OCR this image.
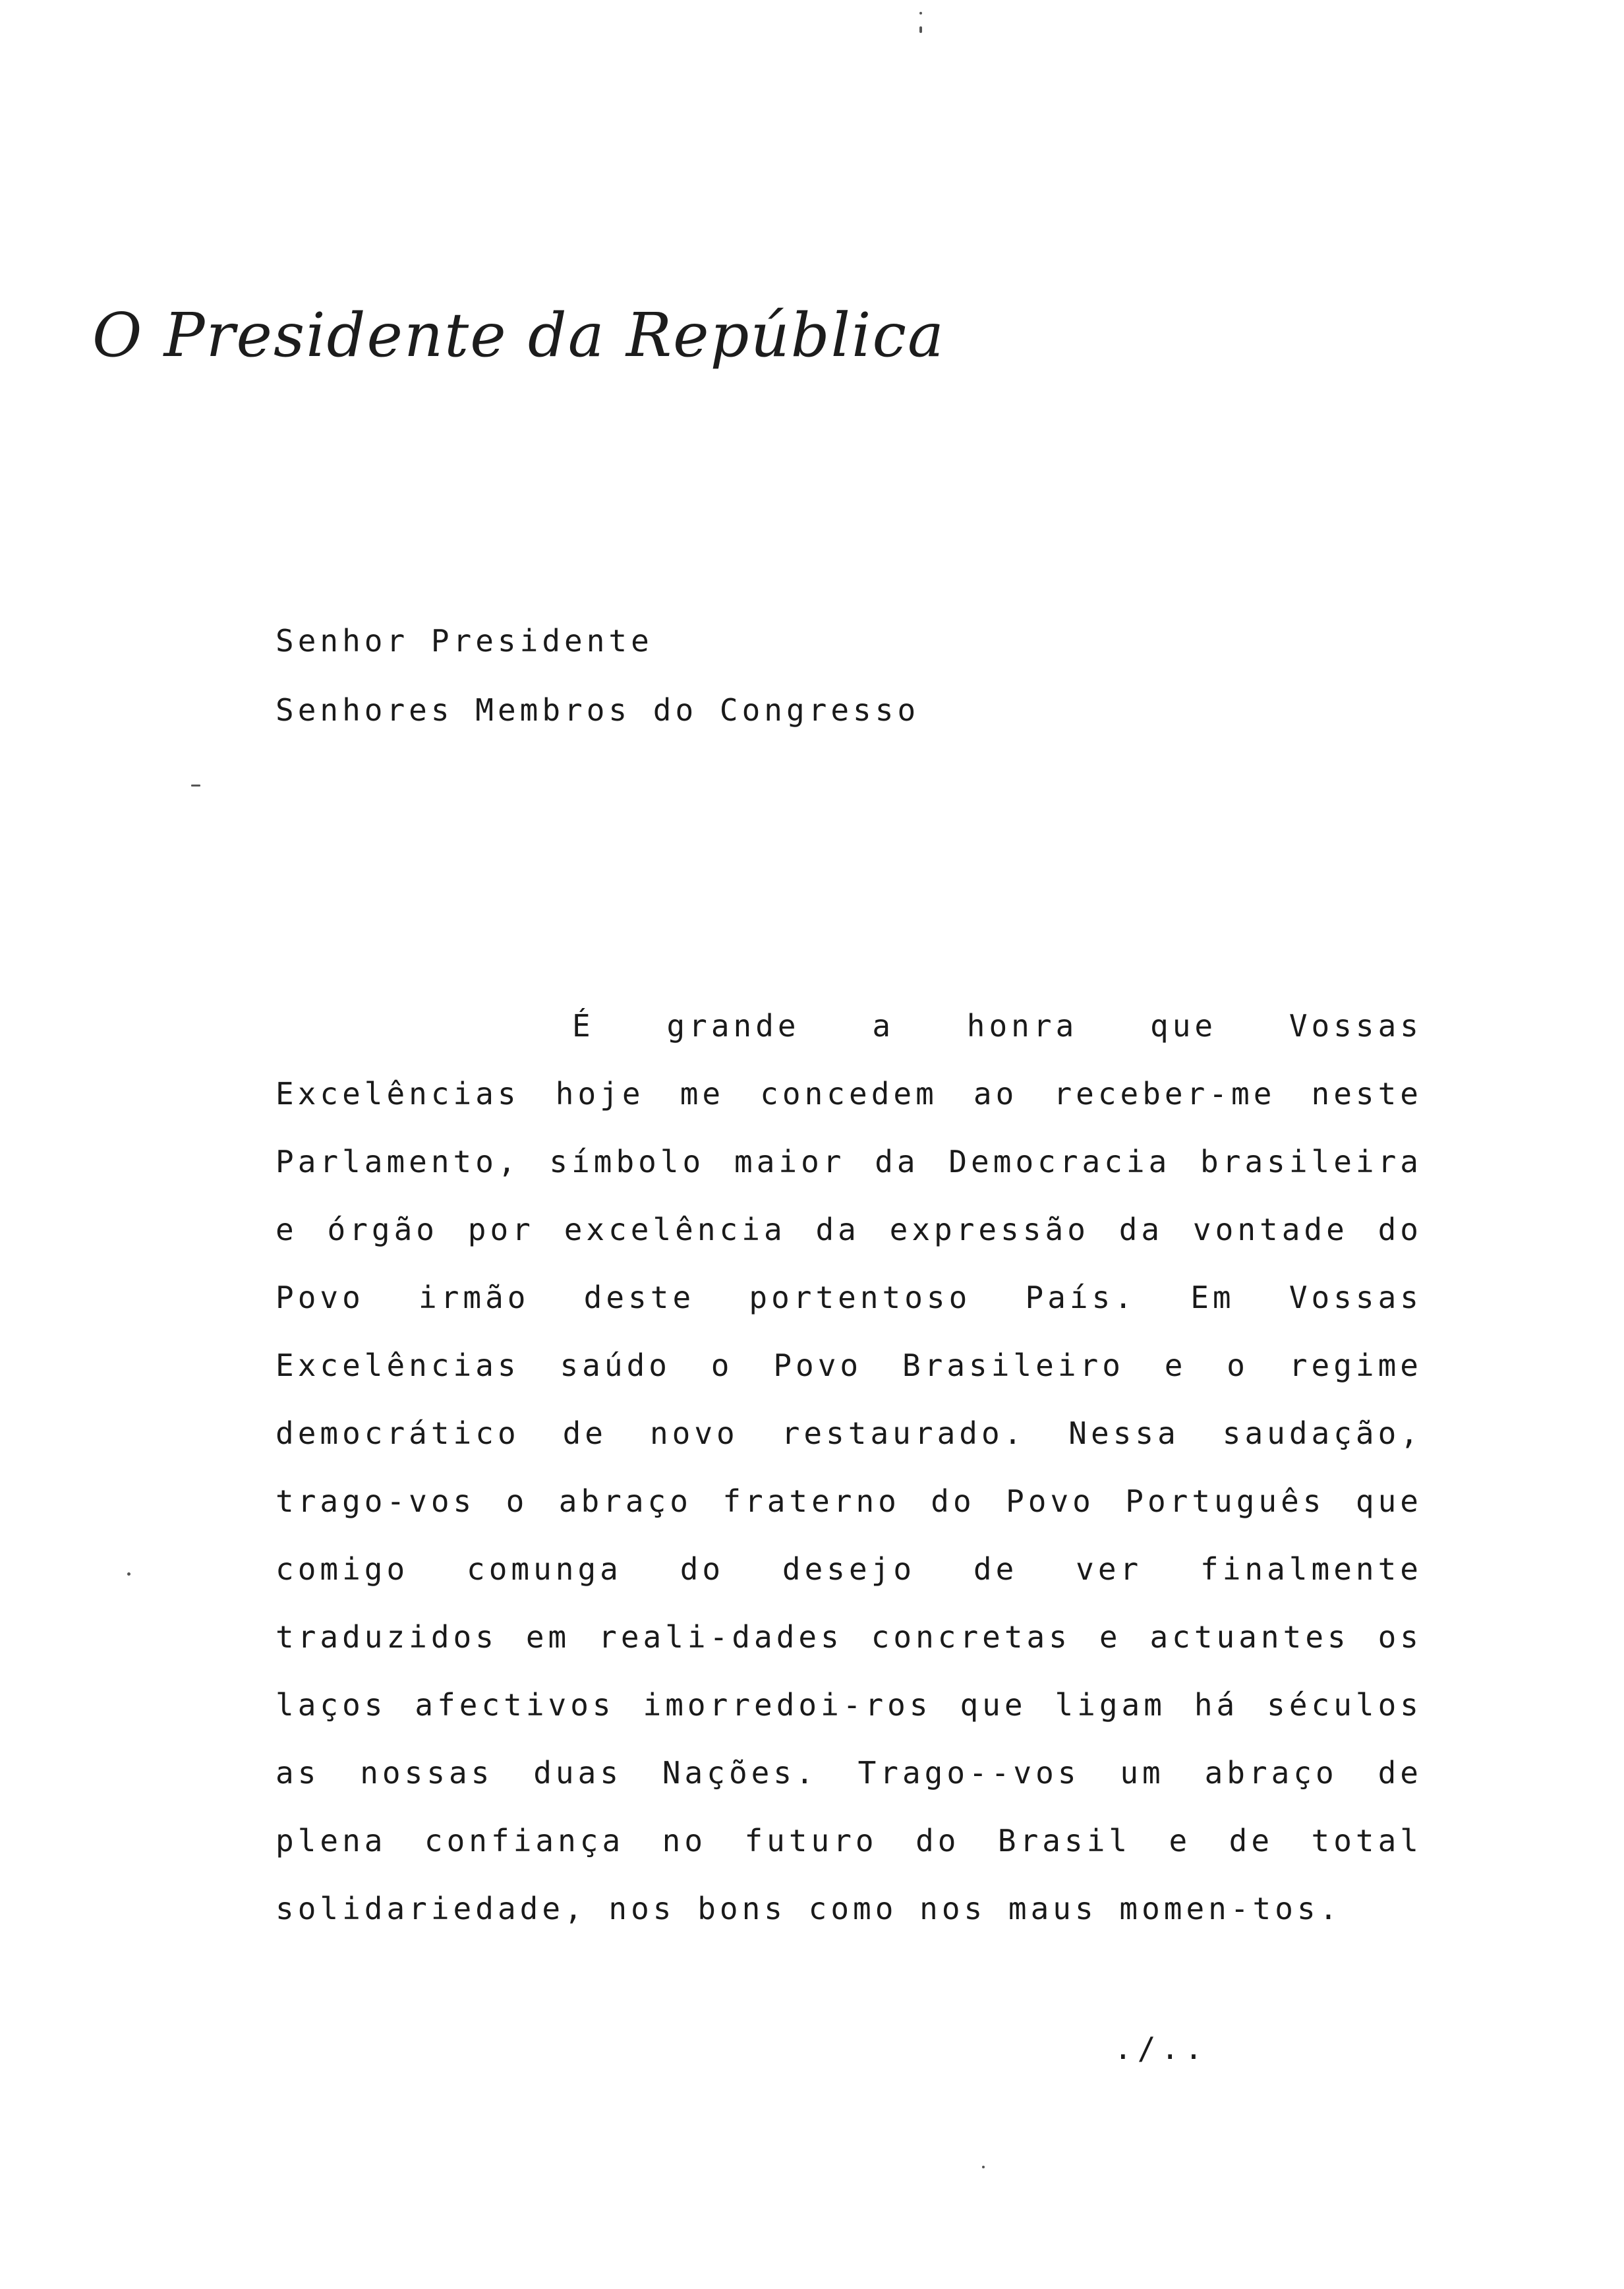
O Presidente da República
Senhor Presidente
Senhores Membros do Congresso

É grande a honra que Vossas Excelências hoje me concedem ao receber-me neste Parlamento, símbolo maior da Democracia brasileira e órgão por excelência da expressão da vontade do Povo irmão deste portentoso País. Em Vossas Excelências saúdo o Povo Brasileiro e o regime democrático de novo restaurado. Nessa saudação, trago-vos o abraço fraterno do Povo Português que comigo comunga do desejo de ver finalmente traduzidos em reali-dades concretas e actuantes os laços afectivos imorredoi-ros que ligam há séculos as nossas duas Nações. Trago--vos um abraço de plena confiança no futuro do Brasil e de total solidariedade, nos bons como nos maus momen-tos.

./..
